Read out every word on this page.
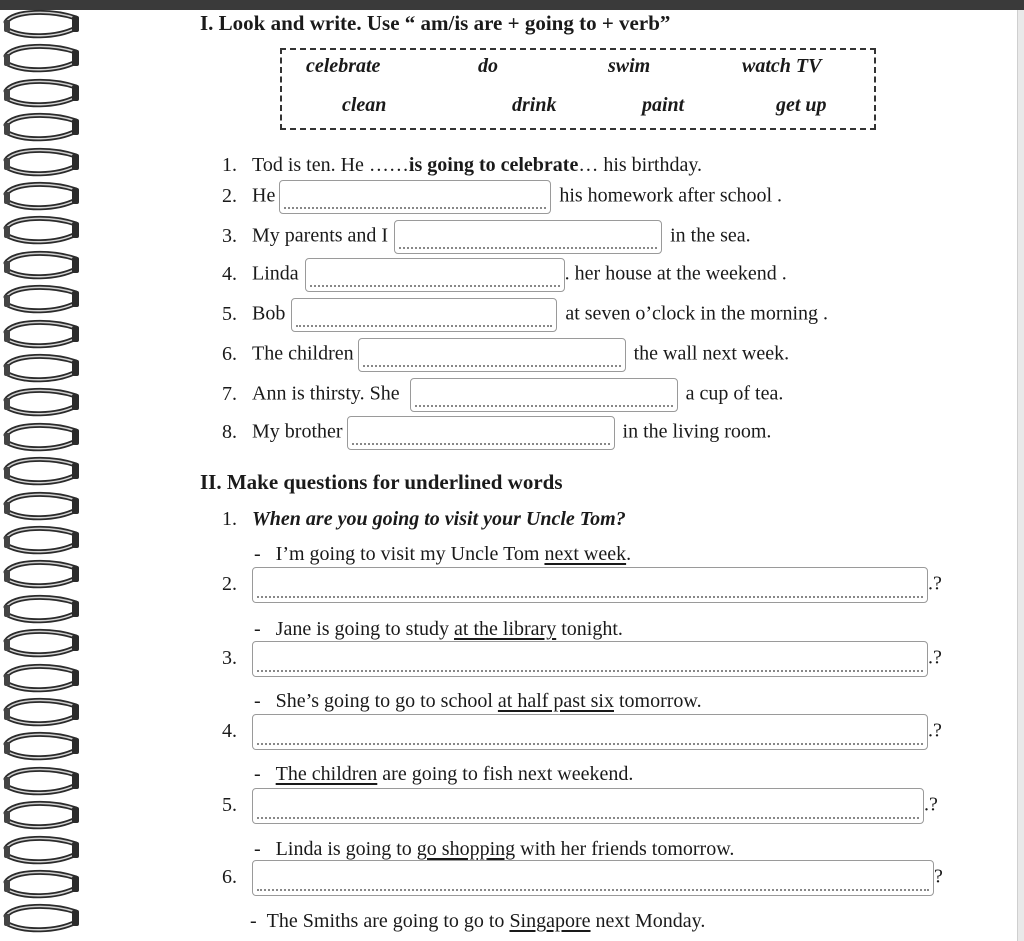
I. Look and write. Use “ am/is are + going to + verb”
celebrate	do	swim	watch TV
clean	drink	paint	get up
1. Tod is ten. He ……is going to celebrate… his birthday.
2. He	his homework after school .
3. My parents and I	in the sea.
4. Linda	. her house at the weekend .
5. Bob	at seven o’clock in the morning .
6. The children	the wall next week.
7. Ann is thirsty. She	a cup of tea.
8. My brother	in the living room.
II. Make questions for underlined words
1. When are you going to visit your Uncle Tom?
-   I’m going to visit my Uncle Tom next week.
2.	.?
-   Jane is going to study at the library tonight.
3.	.?
-   She’s going to go to school at half past six tomorrow.
4.	.?
-   The children are going to fish next weekend.
5.	.?
-   Linda is going to go shopping with her friends tomorrow.
6.	?
-  The Smiths are going to go to Singapore next Monday.
